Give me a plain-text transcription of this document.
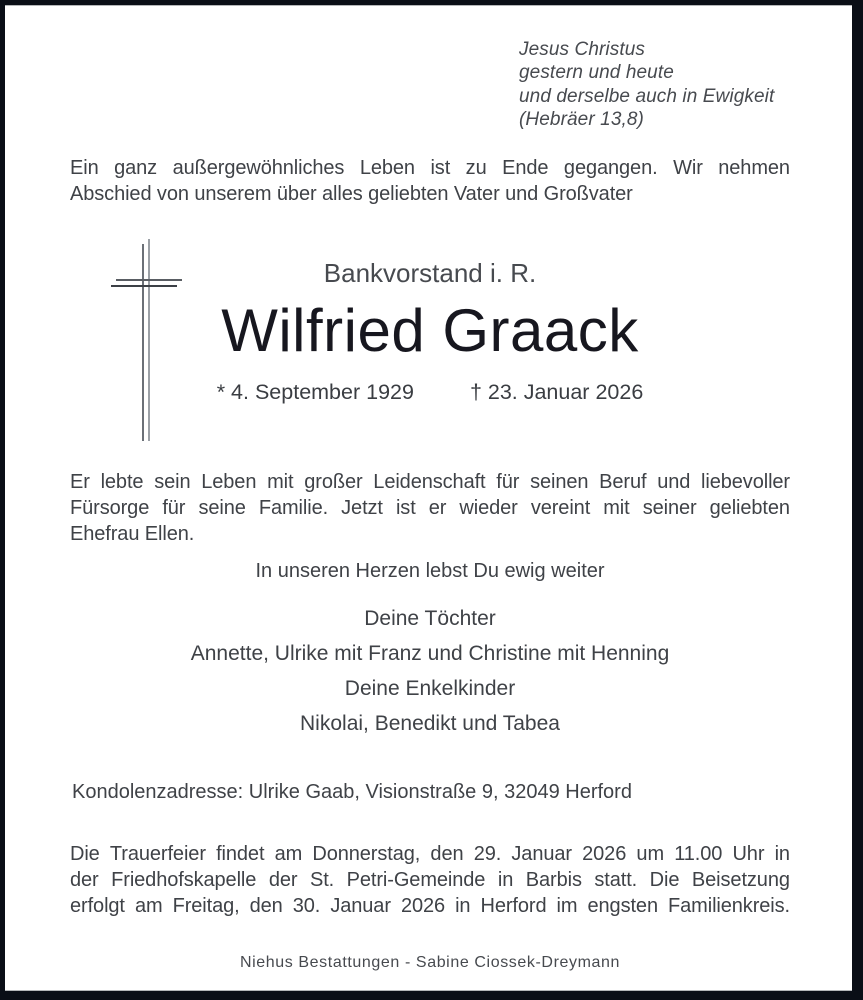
Jesus Christus
gestern und heute
und derselbe auch in Ewigkeit
(Hebräer 13,8)
Ein ganz außergewöhnliches Leben ist zu Ende gegangen. Wir nehmen
Abschied von unserem über alles geliebten Vater und Großvater
Bankvorstand i. R.
Wilfried Graack
* 4. September 1929	† 23. Januar 2026
Er lebte sein Leben mit großer Leidenschaft für seinen Beruf und liebevoller
Fürsorge für seine Familie. Jetzt ist er wieder vereint mit seiner geliebten
Ehefrau Ellen.
In unseren Herzen lebst Du ewig weiter
Deine Töchter
Annette, Ulrike mit Franz und Christine mit Henning
Deine Enkelkinder
Nikolai, Benedikt und Tabea
Kondolenzadresse: Ulrike Gaab, Visionstraße 9, 32049 Herford
Die Trauerfeier findet am Donnerstag, den 29. Januar 2026 um 11.00 Uhr in
der Friedhofskapelle der St. Petri-Gemeinde in Barbis statt. Die Beisetzung
erfolgt am Freitag, den 30. Januar 2026 in Herford im engsten Familienkreis.
Niehus Bestattungen - Sabine Ciossek-Dreymann
